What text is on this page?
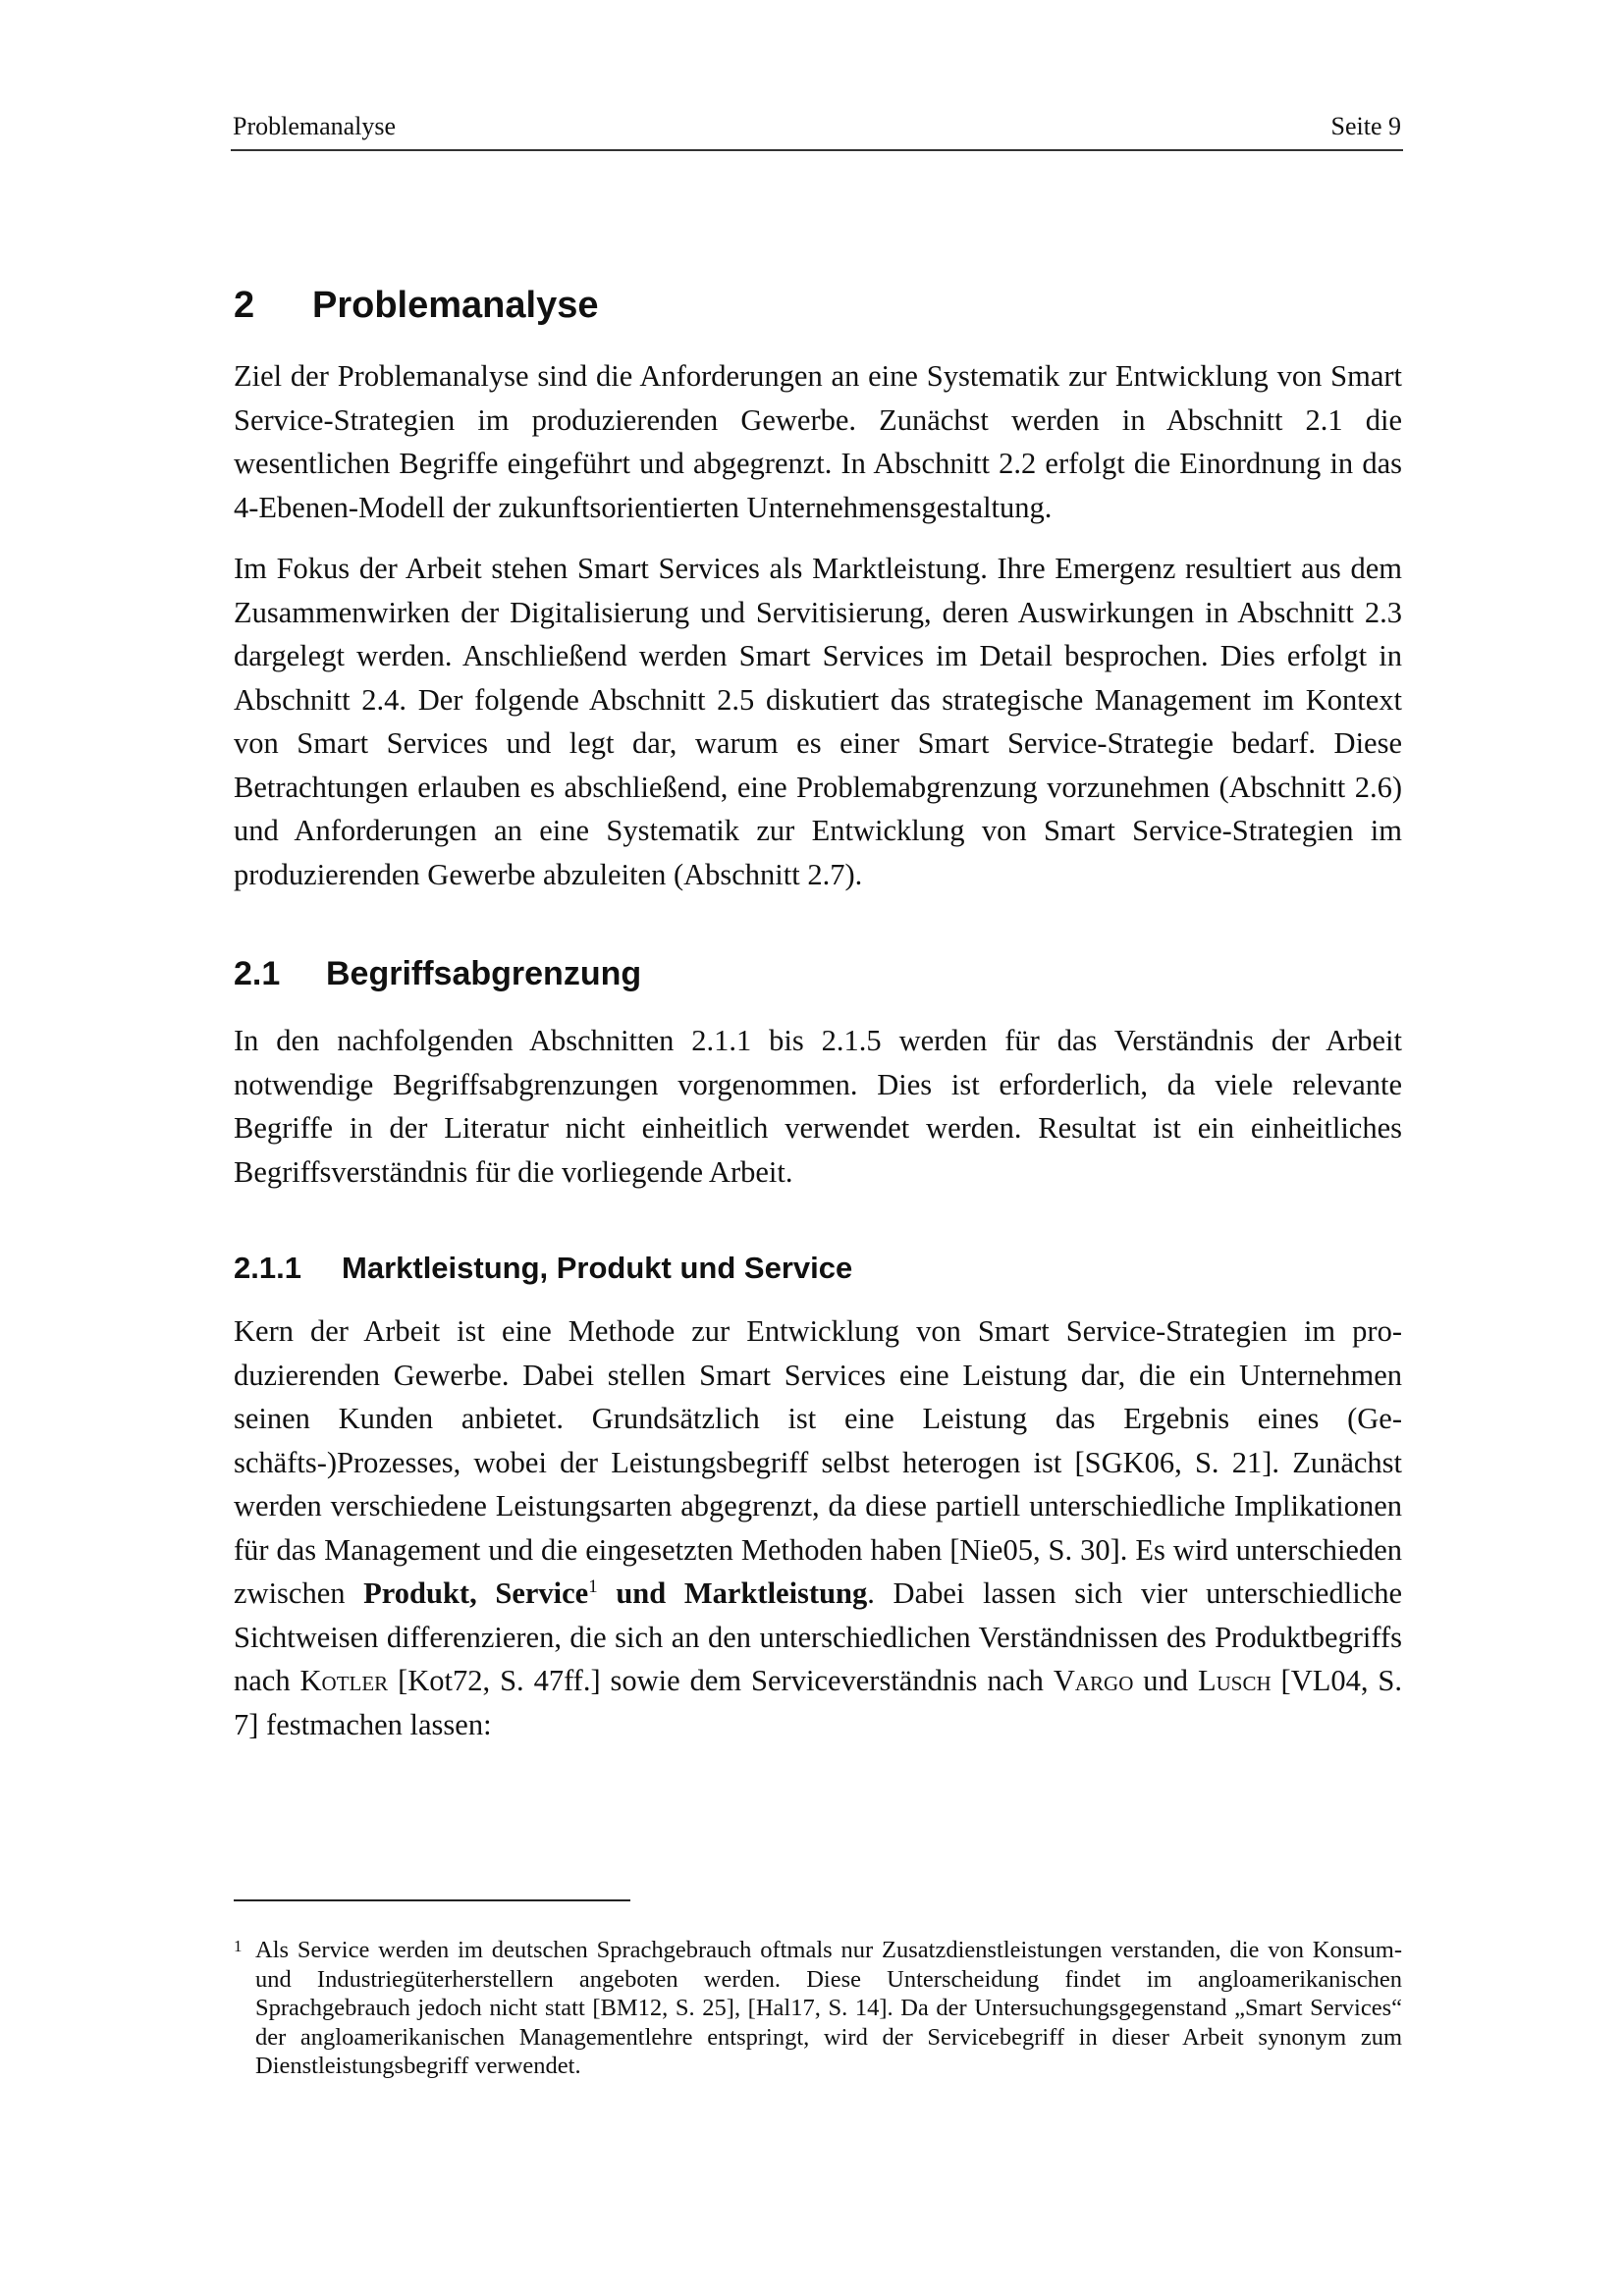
Problemanalyse	Seite 9
2 Problemanalyse

Ziel der Problemanalyse sind die Anforderungen an eine Systematik zur Entwicklung von Smart Service-Strategien im produzierenden Gewerbe. Zunächst werden in Abschnitt 2.1 die wesentlichen Begriffe eingeführt und abgegrenzt. In Abschnitt 2.2 erfolgt die Einordnung in das 4-Ebenen-Modell der zukunftsorientierten Unternehmensgestaltung.

Im Fokus der Arbeit stehen Smart Services als Marktleistung. Ihre Emergenz resultiert aus dem Zusammenwirken der Digitalisierung und Servitisierung, deren Auswirkungen in Abschnitt 2.3 dargelegt werden. Anschließend werden Smart Services im Detail besprochen. Dies erfolgt in Abschnitt 2.4. Der folgende Abschnitt 2.5 diskutiert das strategische Management im Kontext von Smart Services und legt dar, warum es einer Smart Service-Strategie bedarf. Diese Betrachtungen erlauben es abschließend, eine Problemabgrenzung vorzunehmen (Abschnitt 2.6) und Anforderungen an eine Systematik zur Entwicklung von Smart Service-Strategien im produzierenden Gewerbe abzuleiten (Abschnitt 2.7).

2.1 Begriffsabgrenzung

In den nachfolgenden Abschnitten 2.1.1 bis 2.1.5 werden für das Verständnis der Arbeit notwendige Begriffsabgrenzungen vorgenommen. Dies ist erforderlich, da viele relevante Begriffe in der Literatur nicht einheitlich verwendet werden. Resultat ist ein einheitliches Begriffsverständnis für die vorliegende Arbeit.

2.1.1 Marktleistung, Produkt und Service

Kern der Arbeit ist eine Methode zur Entwicklung von Smart Service-Strategien im produzierenden Gewerbe. Dabei stellen Smart Services eine Leistung dar, die ein Unternehmen seinen Kunden anbietet. Grundsätzlich ist eine Leistung das Ergebnis eines (Geschäfts-)Prozesses, wobei der Leistungsbegriff selbst heterogen ist [SGK06, S. 21]. Zunächst werden verschiedene Leistungsarten abgegrenzt, da diese partiell unterschiedliche Implikationen für das Management und die eingesetzten Methoden haben [Nie05, S. 30]. Es wird unterschieden zwischen Produkt, Service$^1$ und Marktleistung. Dabei lassen sich vier unterschiedliche Sichtweisen differenzieren, die sich an den unterschiedlichen Verständnissen des Produktbegriffs nach Kotler [Kot72, S. 47ff.] sowie dem Serviceverständnis nach Vargo und Lusch [VL04, S. 7] festmachen lassen:

1 Als Service werden im deutschen Sprachgebrauch oftmals nur Zusatzdienstleistungen verstanden, die von Konsum- und Industriegüterherstellern angeboten werden. Diese Unterscheidung findet im angloamerikanischen Sprachgebrauch jedoch nicht statt [BM12, S. 25], [Hal17, S. 14]. Da der Untersuchungsgegenstand „Smart Services“ der angloamerikanischen Managementlehre entspringt, wird der Servicebegriff in dieser Arbeit synonym zum Dienstleistungsbegriff verwendet.
